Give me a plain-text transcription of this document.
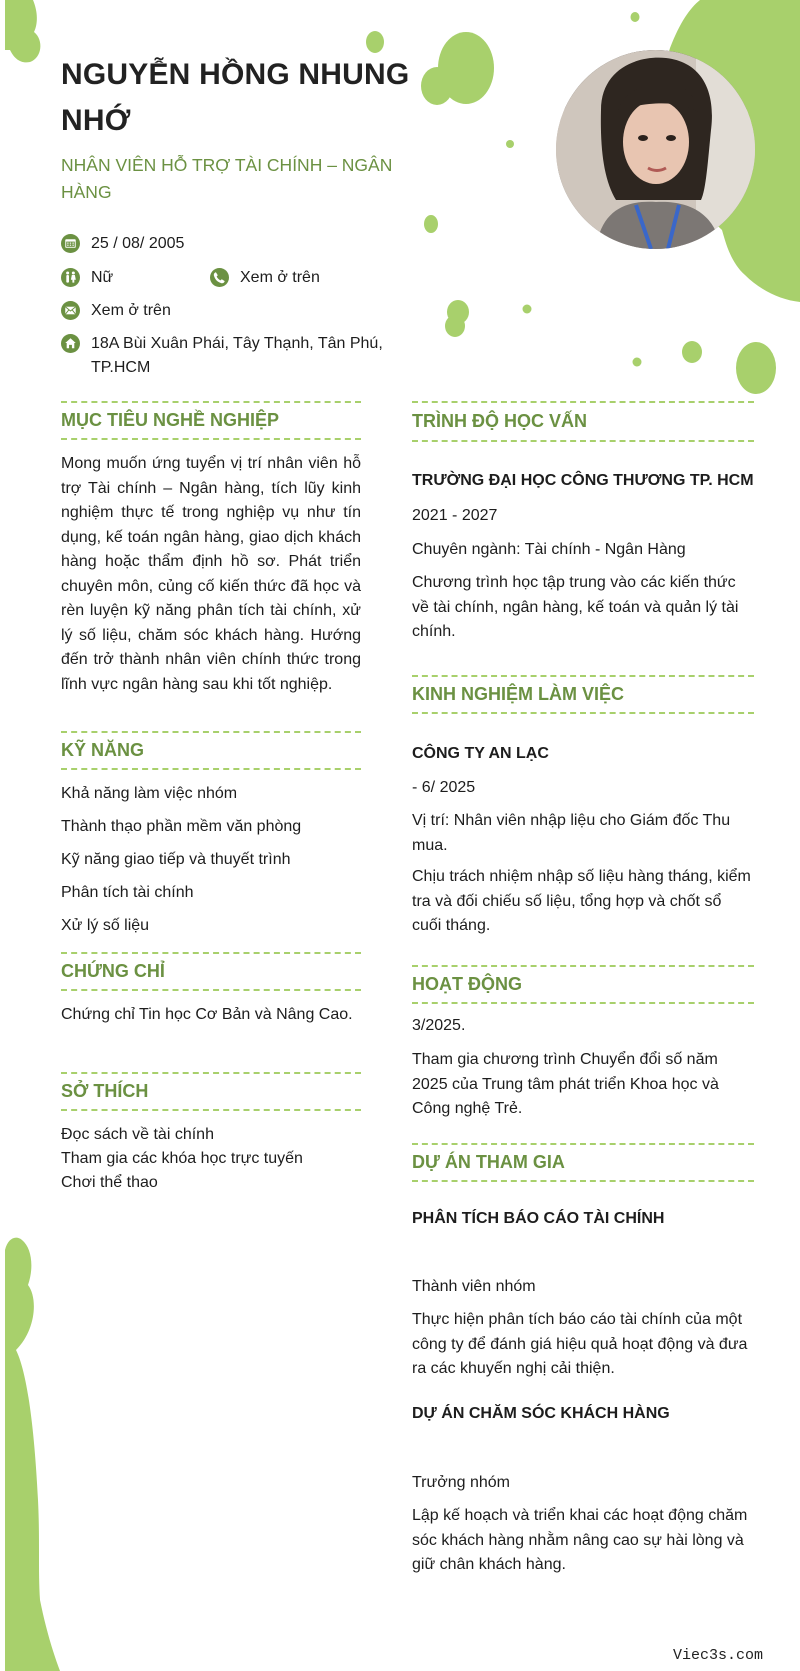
NGUYỄN HỒNG NHUNG NHỚ
NHÂN VIÊN HỖ TRỢ TÀI CHÍNH – NGÂN HÀNG
25 / 08/ 2005
Nữ	Xem ở trên
Xem ở trên
18A Bùi Xuân Phái, Tây Thạnh, Tân Phú, TP.HCM
MỤC TIÊU NGHỀ NGHIỆP
Mong muốn ứng tuyển vị trí nhân viên hỗ trợ Tài chính – Ngân hàng, tích lũy kinh nghiệm thực tế trong nghiệp vụ như tín dụng, kế toán ngân hàng, giao dịch khách hàng hoặc thẩm định hồ sơ. Phát triển chuyên môn, củng cố kiến thức đã học và rèn luyện kỹ năng phân tích tài chính, xử lý số liệu, chăm sóc khách hàng. Hướng đến trở thành nhân viên chính thức trong lĩnh vực ngân hàng sau khi tốt nghiệp.
KỸ NĂNG
Khả năng làm việc nhóm
Thành thạo phần mềm văn phòng
Kỹ năng giao tiếp và thuyết trình
Phân tích tài chính
Xử lý số liệu
CHỨNG CHỈ
Chứng chỉ Tin học Cơ Bản và Nâng Cao.
SỞ THÍCH
Đọc sách về tài chính
Tham gia các khóa học trực tuyến
Chơi thể thao
TRÌNH ĐỘ HỌC VẤN
TRƯỜNG ĐẠI HỌC CÔNG THƯƠNG TP. HCM
2021 - 2027
Chuyên ngành: Tài chính - Ngân Hàng
Chương trình học tập trung vào các kiến thức về tài chính, ngân hàng, kế toán và quản lý tài chính.
KINH NGHIỆM LÀM VIỆC
CÔNG TY AN LẠC
- 6/ 2025
Vị trí: Nhân viên nhập liệu cho Giám đốc Thu mua.
Chịu trách nhiệm nhập số liệu hàng tháng, kiểm tra và đối chiếu số liệu, tổng hợp và chốt sổ cuối tháng.
HOẠT ĐỘNG
3/2025.
Tham gia chương trình Chuyển đổi số năm 2025 của Trung tâm phát triển Khoa học và Công nghệ Trẻ.
DỰ ÁN THAM GIA
PHÂN TÍCH BÁO CÁO TÀI CHÍNH
Thành viên nhóm
Thực hiện phân tích báo cáo tài chính của một công ty để đánh giá hiệu quả hoạt động và đưa ra các khuyến nghị cải thiện.
DỰ ÁN CHĂM SÓC KHÁCH HÀNG
Trưởng nhóm
Lập kế hoạch và triển khai các hoạt động chăm sóc khách hàng nhằm nâng cao sự hài lòng và giữ chân khách hàng.
Viec3s.com
